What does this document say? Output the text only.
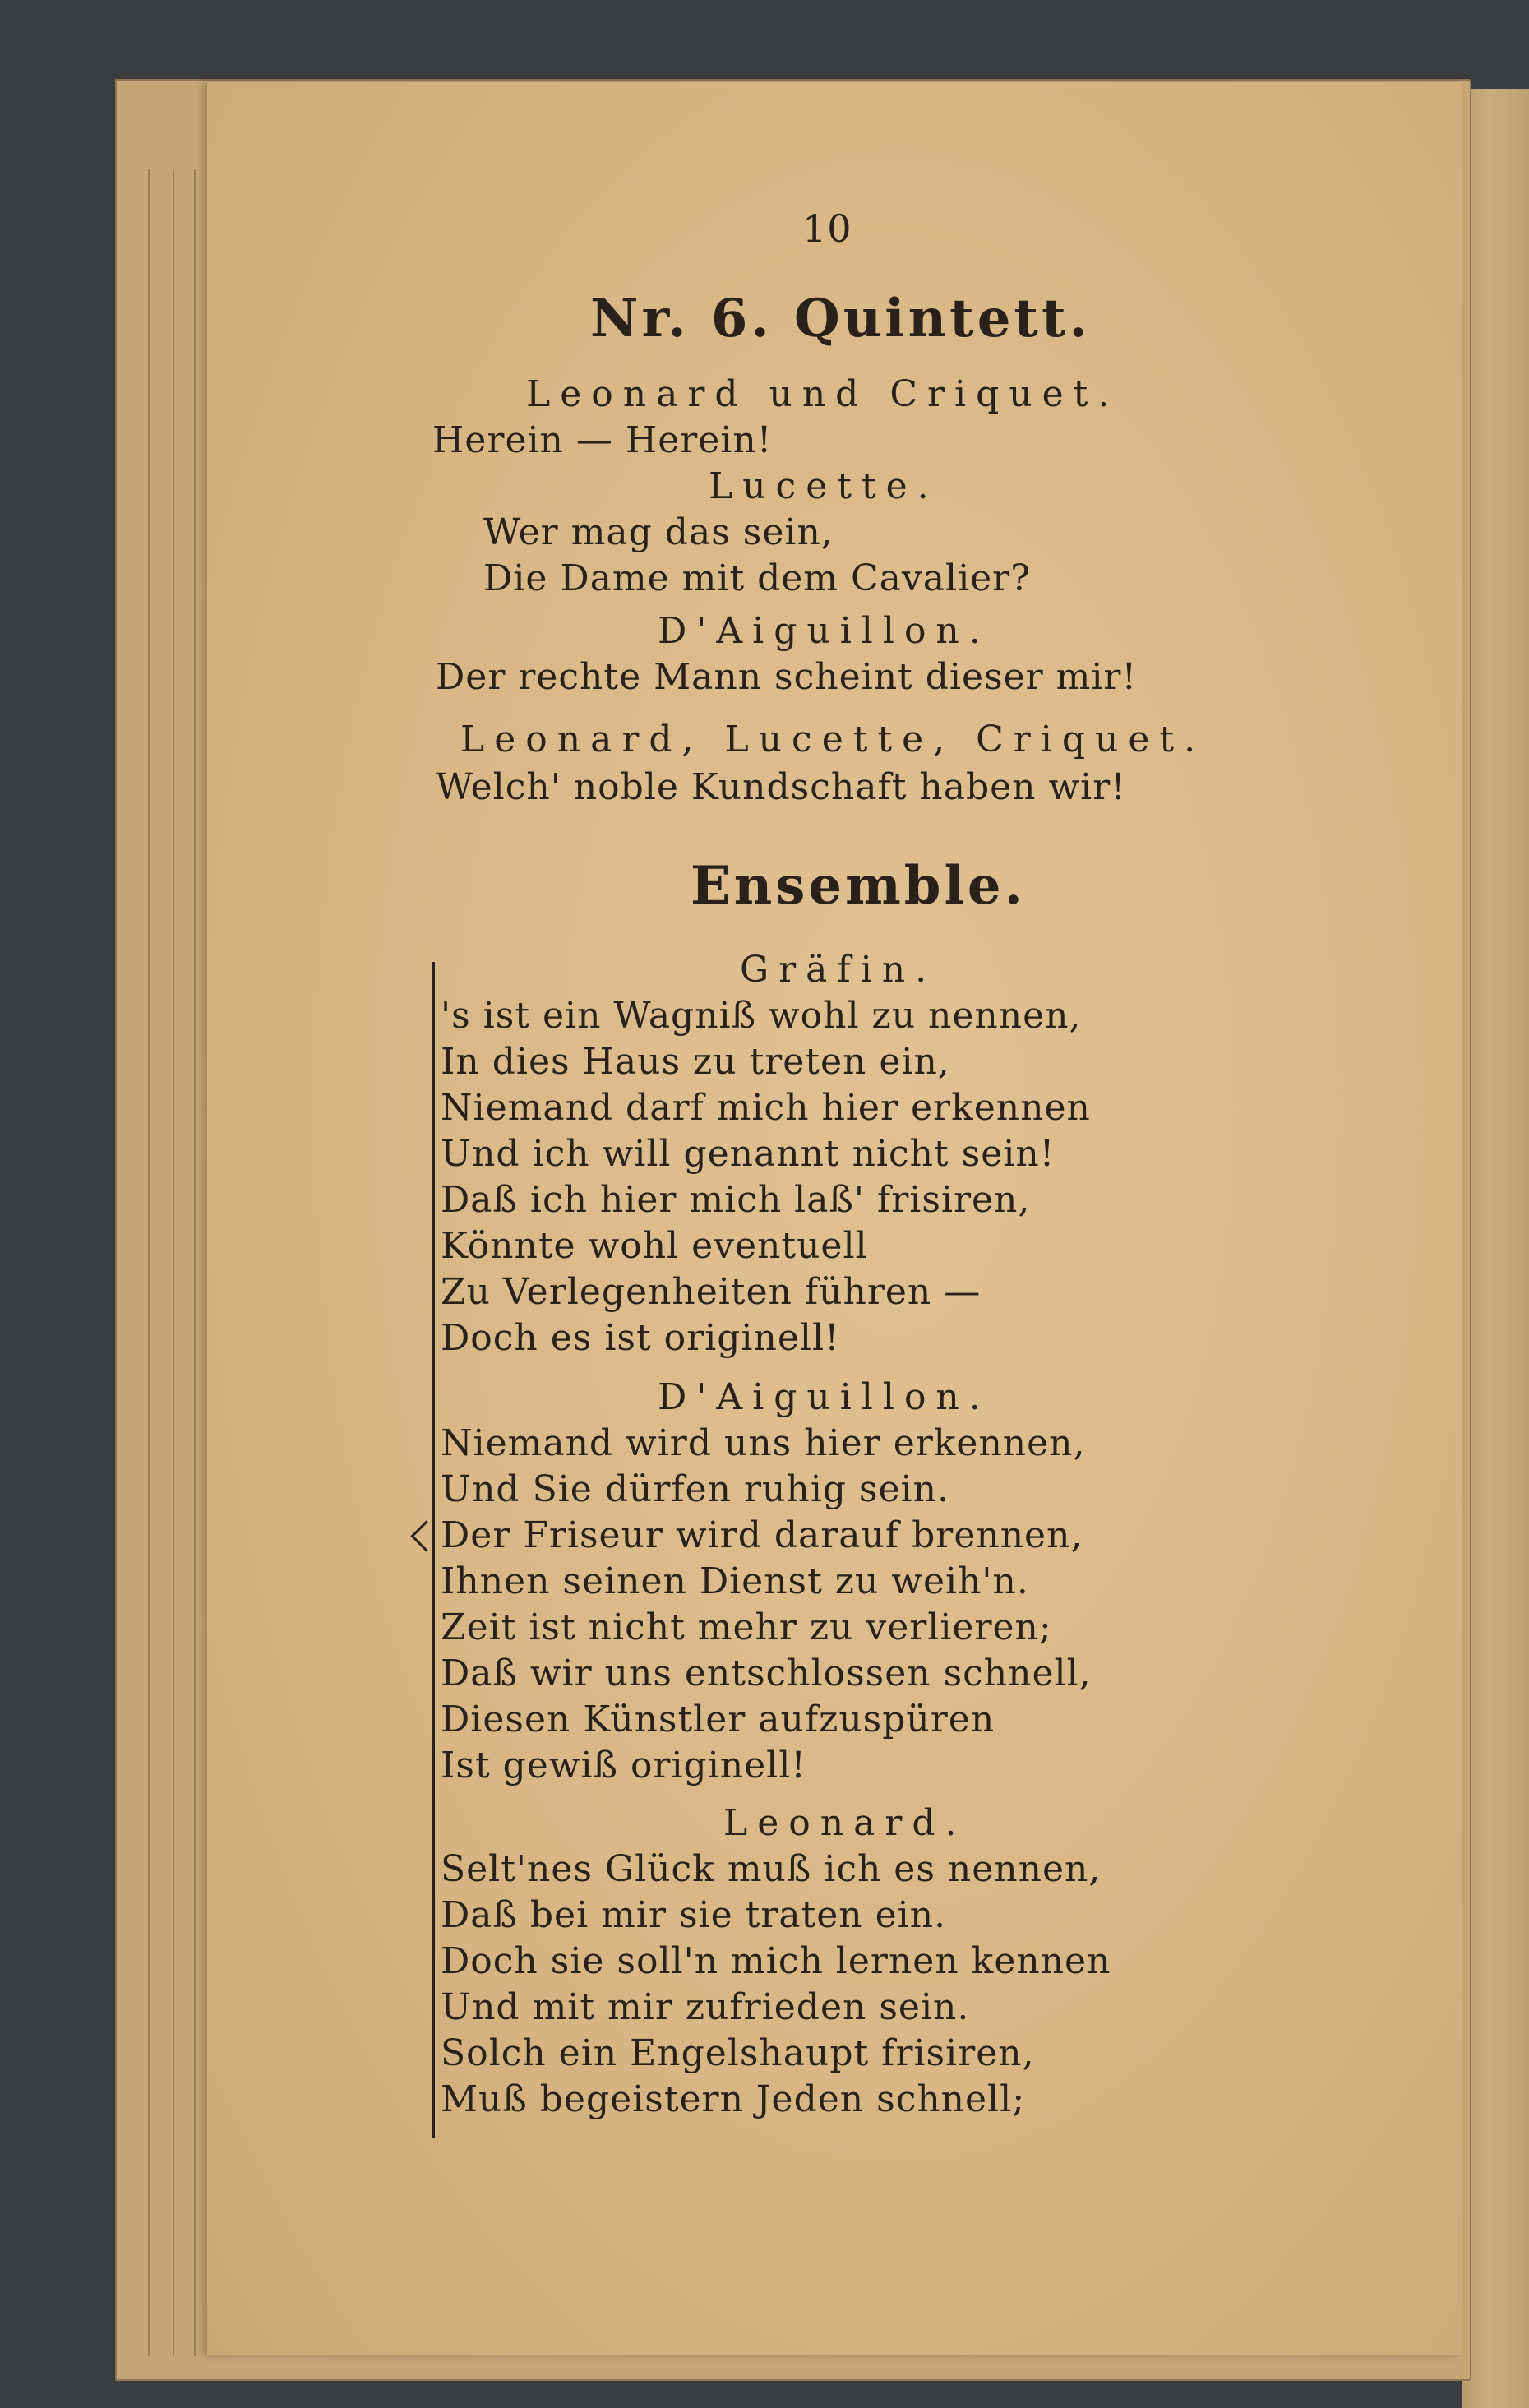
10
Nr. 6. Quintett.
Leonard und Criquet.
Herein — Herein!
Lucette.
Wer mag das sein,
Die Dame mit dem Cavalier?
D'Aiguillon.
Der rechte Mann scheint dieser mir!
Leonard, Lucette, Criquet.
Welch' noble Kundschaft haben wir!
Ensemble.
Gräfin.
's ist ein Wagniß wohl zu nennen,
In dies Haus zu treten ein,
Niemand darf mich hier erkennen
Und ich will genannt nicht sein!
Daß ich hier mich laß' frisiren,
Könnte wohl eventuell
Zu Verlegenheiten führen —
Doch es ist originell!
D'Aiguillon.
Niemand wird uns hier erkennen,
Und Sie dürfen ruhig sein.
Der Friseur wird darauf brennen,
Ihnen seinen Dienst zu weih'n.
Zeit ist nicht mehr zu verlieren;
Daß wir uns entschlossen schnell,
Diesen Künstler aufzuspüren
Ist gewiß originell!
Leonard.
Selt'nes Glück muß ich es nennen,
Daß bei mir sie traten ein.
Doch sie soll'n mich lernen kennen
Und mit mir zufrieden sein.
Solch ein Engelshaupt frisiren,
Muß begeistern Jeden schnell;
